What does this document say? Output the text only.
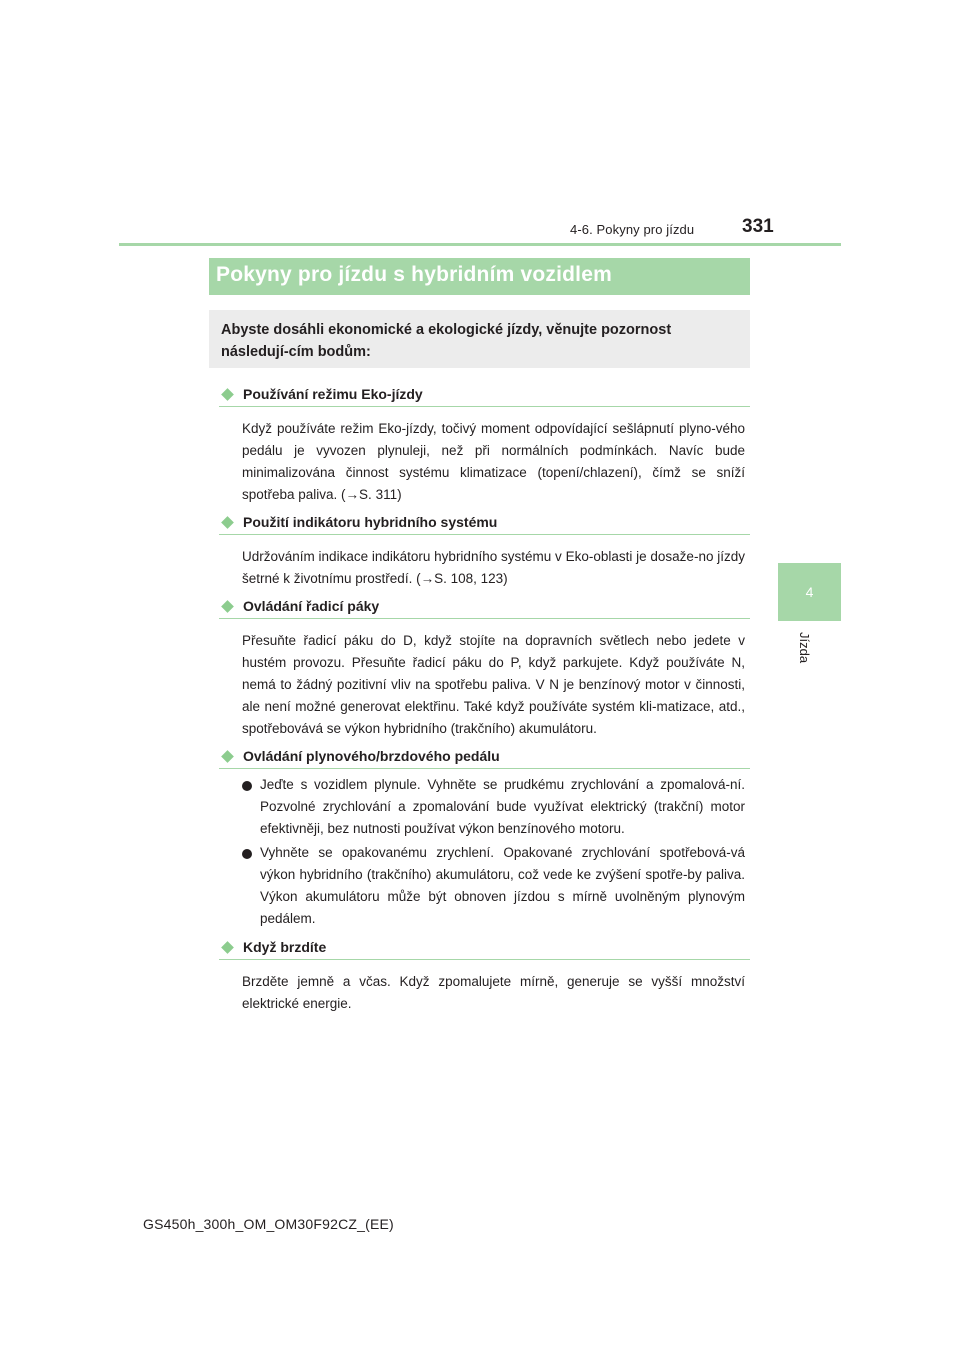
4-6. Pokyny pro jízdu	331
4
Jízda
Pokyny pro jízdu s hybridním vozidlem
Abyste dosáhli ekonomické a ekologické jízdy, věnujte pozornost následují-cím bodům:
Používání režimu Eko-jízdy
Když používáte režim Eko-jízdy, točivý moment odpovídající sešlápnutí plyno-vého pedálu je vyvozen plynuleji, než při normálních podmínkách. Navíc bude minimalizována činnost systému klimatizace (topení/chlazení), čímž se sníží spotřeba paliva. (→S. 311)
Použití indikátoru hybridního systému
Udržováním indikace indikátoru hybridního systému v Eko-oblasti je dosaže-no jízdy šetrné k životnímu prostředí. (→S. 108, 123)
Ovládání řadicí páky
Přesuňte řadicí páku do D, když stojíte na dopravních světlech nebo jedete v hustém provozu. Přesuňte řadicí páku do P, když parkujete. Když používáte N, nemá to žádný pozitivní vliv na spotřebu paliva. V N je benzínový motor v činnosti, ale není možné generovat elektřinu. Také když používáte systém kli-matizace, atd., spotřebovává se výkon hybridního (trakčního) akumulátoru.
Ovládání plynového/brzdového pedálu
Jeďte s vozidlem plynule. Vyhněte se prudkému zrychlování a zpomalová-ní. Pozvolné zrychlování a zpomalování bude využívat elektrický (trakční) motor efektivněji, bez nutnosti používat výkon benzínového motoru.
Vyhněte se opakovanému zrychlení. Opakované zrychlování spotřebová-vá výkon hybridního (trakčního) akumulátoru, což vede ke zvýšení spotře-by paliva. Výkon akumulátoru může být obnoven jízdou s mírně uvolněným plynovým pedálem.
Když brzdíte
Brzděte jemně a včas. Když zpomalujete mírně, generuje se vyšší množství elektrické energie.
GS450h_300h_OM_OM30F92CZ_(EE)
